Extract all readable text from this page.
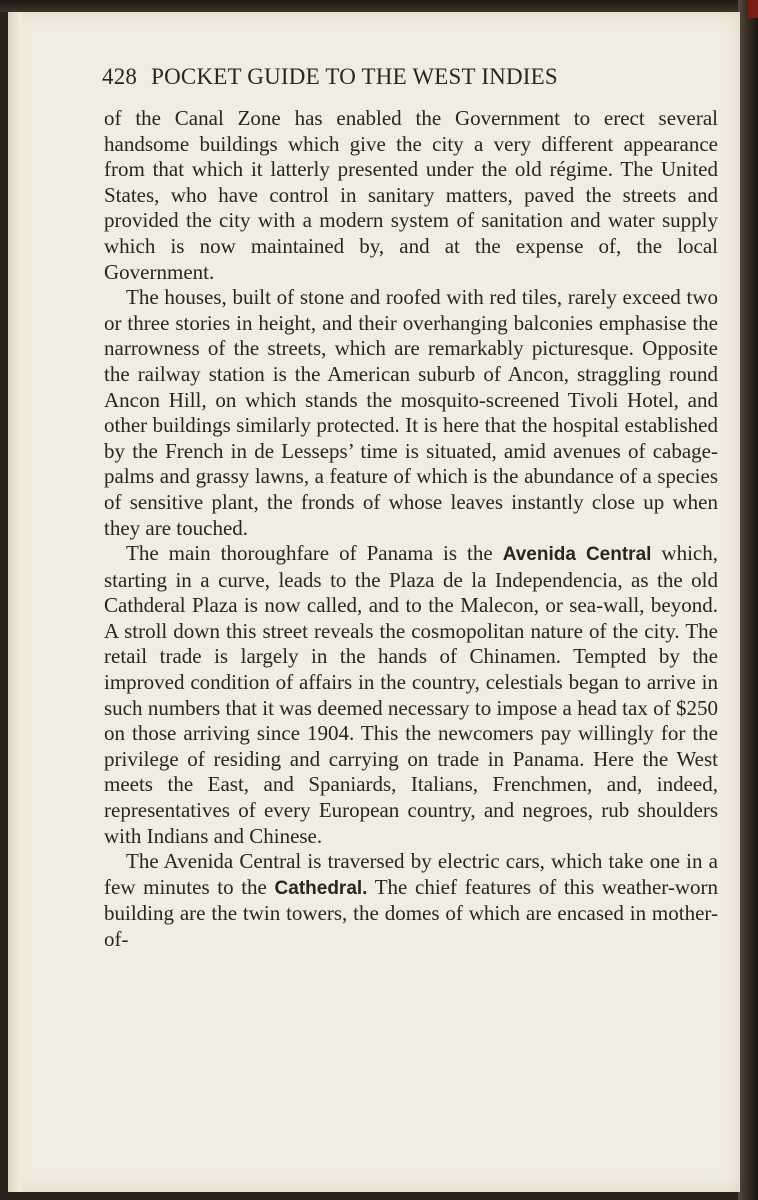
428 POCKET GUIDE TO THE WEST INDIES

of the Canal Zone has enabled the Government to erect several handsome buildings which give the city a very different appearance from that which it latterly presented under the old régime. The United States, who have control in sanitary matters, paved the streets and provided the city with a modern system of sanitation and water supply which is now maintained by, and at the expense of, the local Government.

The houses, built of stone and roofed with red tiles, rarely exceed two or three stories in height, and their overhanging balconies emphasise the narrowness of the streets, which are remarkably picturesque. Opposite the railway station is the American suburb of Ancon, straggling round Ancon Hill, on which stands the mosquito-screened Tivoli Hotel, and other buildings similarly protected. It is here that the hospital established by the French in de Lesseps’ time is situated, amid avenues of cabage-palms and grassy lawns, a feature of which is the abundance of a species of sensitive plant, the fronds of whose leaves instantly close up when they are touched.

The main thoroughfare of Panama is the Avenida Central which, starting in a curve, leads to the Plaza de la Independencia, as the old Cathderal Plaza is now called, and to the Malecon, or sea-wall, beyond. A stroll down this street reveals the cosmopolitan nature of the city. The retail trade is largely in the hands of Chinamen. Tempted by the improved condition of affairs in the country, celestials began to arrive in such numbers that it was deemed necessary to impose a head tax of $250 on those arriving since 1904. This the newcomers pay willingly for the privilege of residing and carrying on trade in Panama. Here the West meets the East, and Spaniards, Italians, Frenchmen, and, indeed, representatives of every European country, and negroes, rub shoulders with Indians and Chinese.

The Avenida Central is traversed by electric cars, which take one in a few minutes to the Cathedral. The chief features of this weather-worn building are the twin towers, the domes of which are encased in mother-of-
